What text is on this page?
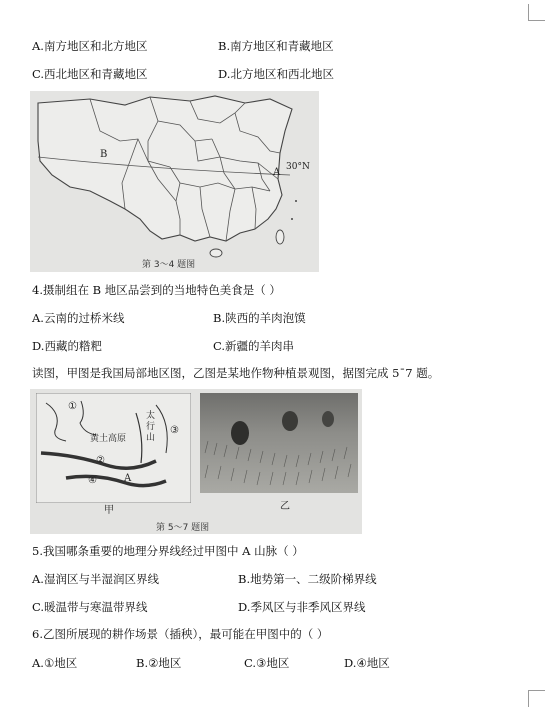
A.南方地区和北方地区	B.南方地区和青藏地区
C.西北地区和青藏地区	D.北方地区和西北地区
B
A 30°N
第 3～4 题图
4.摄制组在 B 地区品尝到的当地特色美食是（ ）
A.云南的过桥米线	B.陕西的羊肉泡馍
D.西藏的糌粑	C.新疆的羊肉串
读图，甲图是我国局部地区图，乙图是某地作物种植景观图，据图完成 5ˉ7 题。
①
黄土高原
太行山
③
②
④	A
甲	乙
第 5～7 题图
5.我国哪条重要的地理分界线经过甲图中 A 山脉（ ）
A.湿润区与半湿润区界线	B.地势第一、二级阶梯界线
C.暖温带与寒温带界线	D.季风区与非季风区界线
6.乙图所展现的耕作场景（插秧），最可能在甲图中的（ ）
A.①地区	B.②地区	C.③地区	D.④地区
